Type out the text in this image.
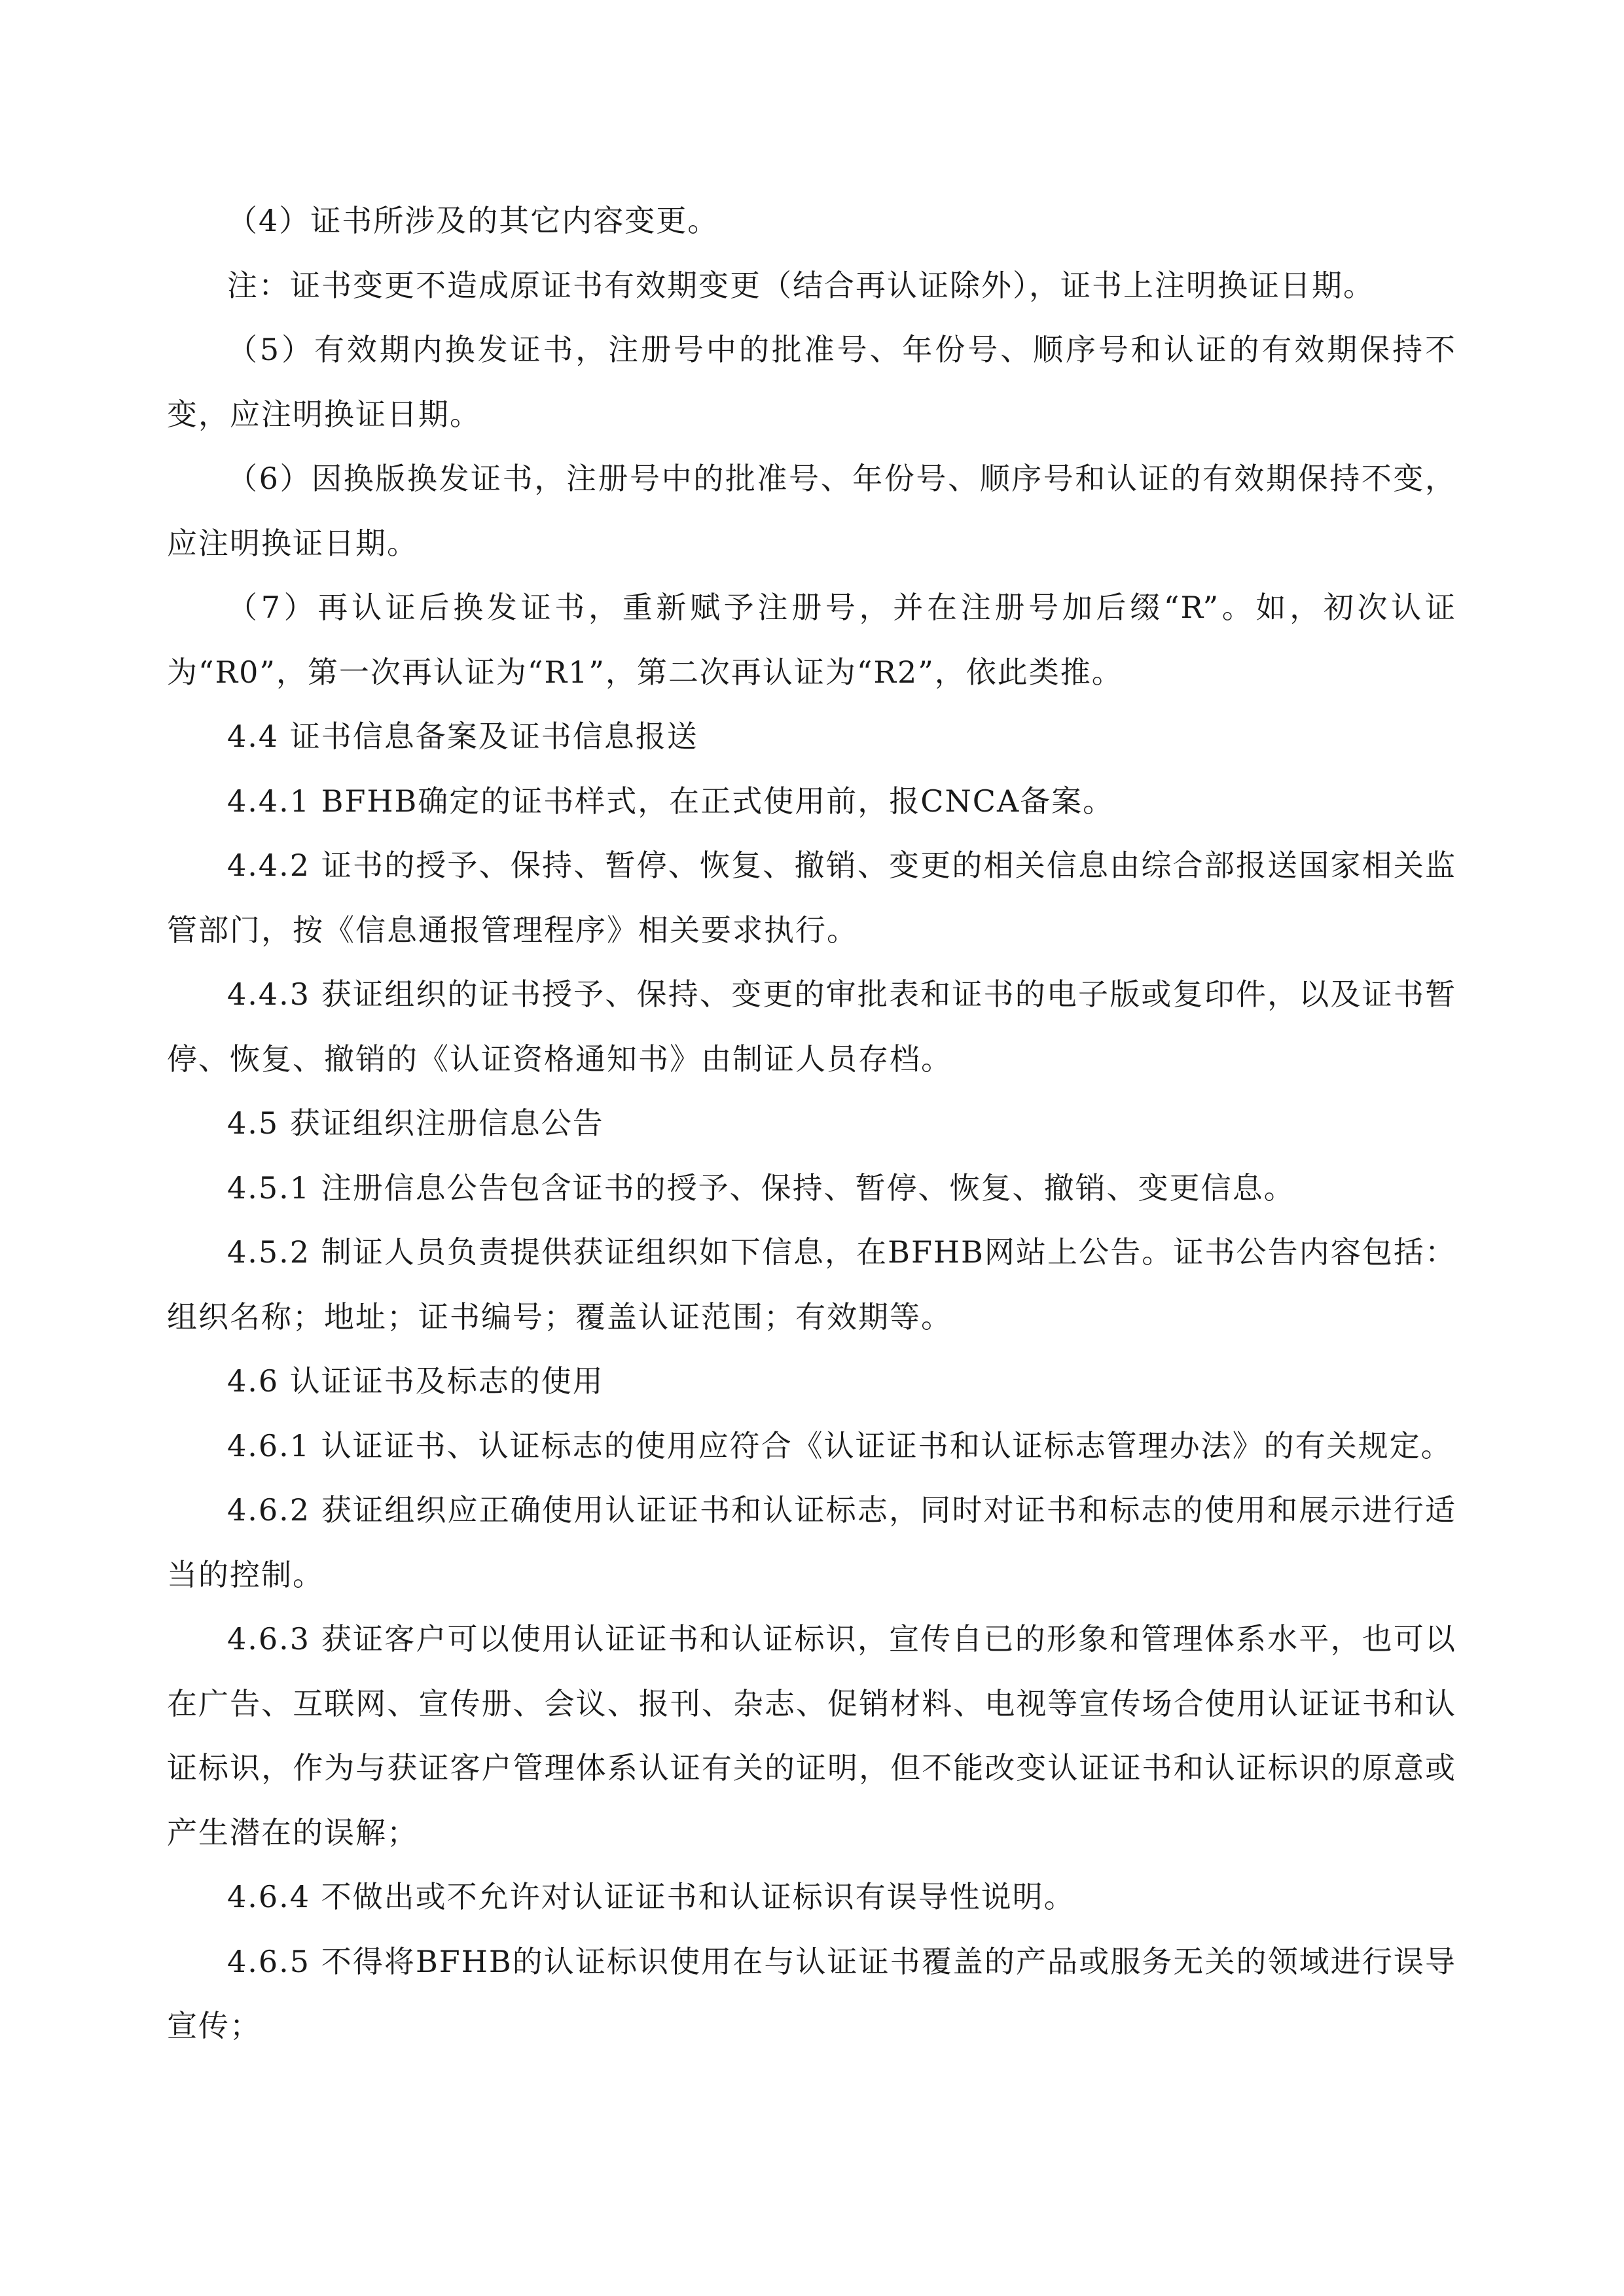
（4）证书所涉及的其它内容变更。

注：证书变更不造成原证书有效期变更（结合再认证除外），证书上注明换证日期。

（5）有效期内换发证书，注册号中的批准号、年份号、顺序号和认证的有效期保持不变，应注明换证日期。

（6）因换版换发证书，注册号中的批准号、年份号、顺序号和认证的有效期保持不变，应注明换证日期。

（7）再认证后换发证书，重新赋予注册号，并在注册号加后缀“R”。如，初次认证为“R0”，第一次再认证为“R1”，第二次再认证为“R2”，依此类推。

4.4 证书信息备案及证书信息报送

4.4.1 BFHB确定的证书样式，在正式使用前，报CNCA备案。

4.4.2 证书的授予、保持、暂停、恢复、撤销、变更的相关信息由综合部报送国家相关监管部门，按《信息通报管理程序》相关要求执行。

4.4.3 获证组织的证书授予、保持、变更的审批表和证书的电子版或复印件，以及证书暂停、恢复、撤销的《认证资格通知书》由制证人员存档。

4.5 获证组织注册信息公告

4.5.1 注册信息公告包含证书的授予、保持、暂停、恢复、撤销、变更信息。

4.5.2 制证人员负责提供获证组织如下信息，在BFHB网站上公告。证书公告内容包括：组织名称；地址；证书编号；覆盖认证范围；有效期等。

4.6 认证证书及标志的使用

4.6.1 认证证书、认证标志的使用应符合《认证证书和认证标志管理办法》的有关规定。

4.6.2 获证组织应正确使用认证证书和认证标志，同时对证书和标志的使用和展示进行适当的控制。

4.6.3 获证客户可以使用认证证书和认证标识，宣传自已的形象和管理体系水平，也可以在广告、互联网、宣传册、会议、报刊、杂志、促销材料、电视等宣传场合使用认证证书和认证标识，作为与获证客户管理体系认证有关的证明，但不能改变认证证书和认证标识的原意或产生潜在的误解；

4.6.4 不做出或不允许对认证证书和认证标识有误导性说明。

4.6.5 不得将BFHB的认证标识使用在与认证证书覆盖的产品或服务无关的领域进行误导宣传；
